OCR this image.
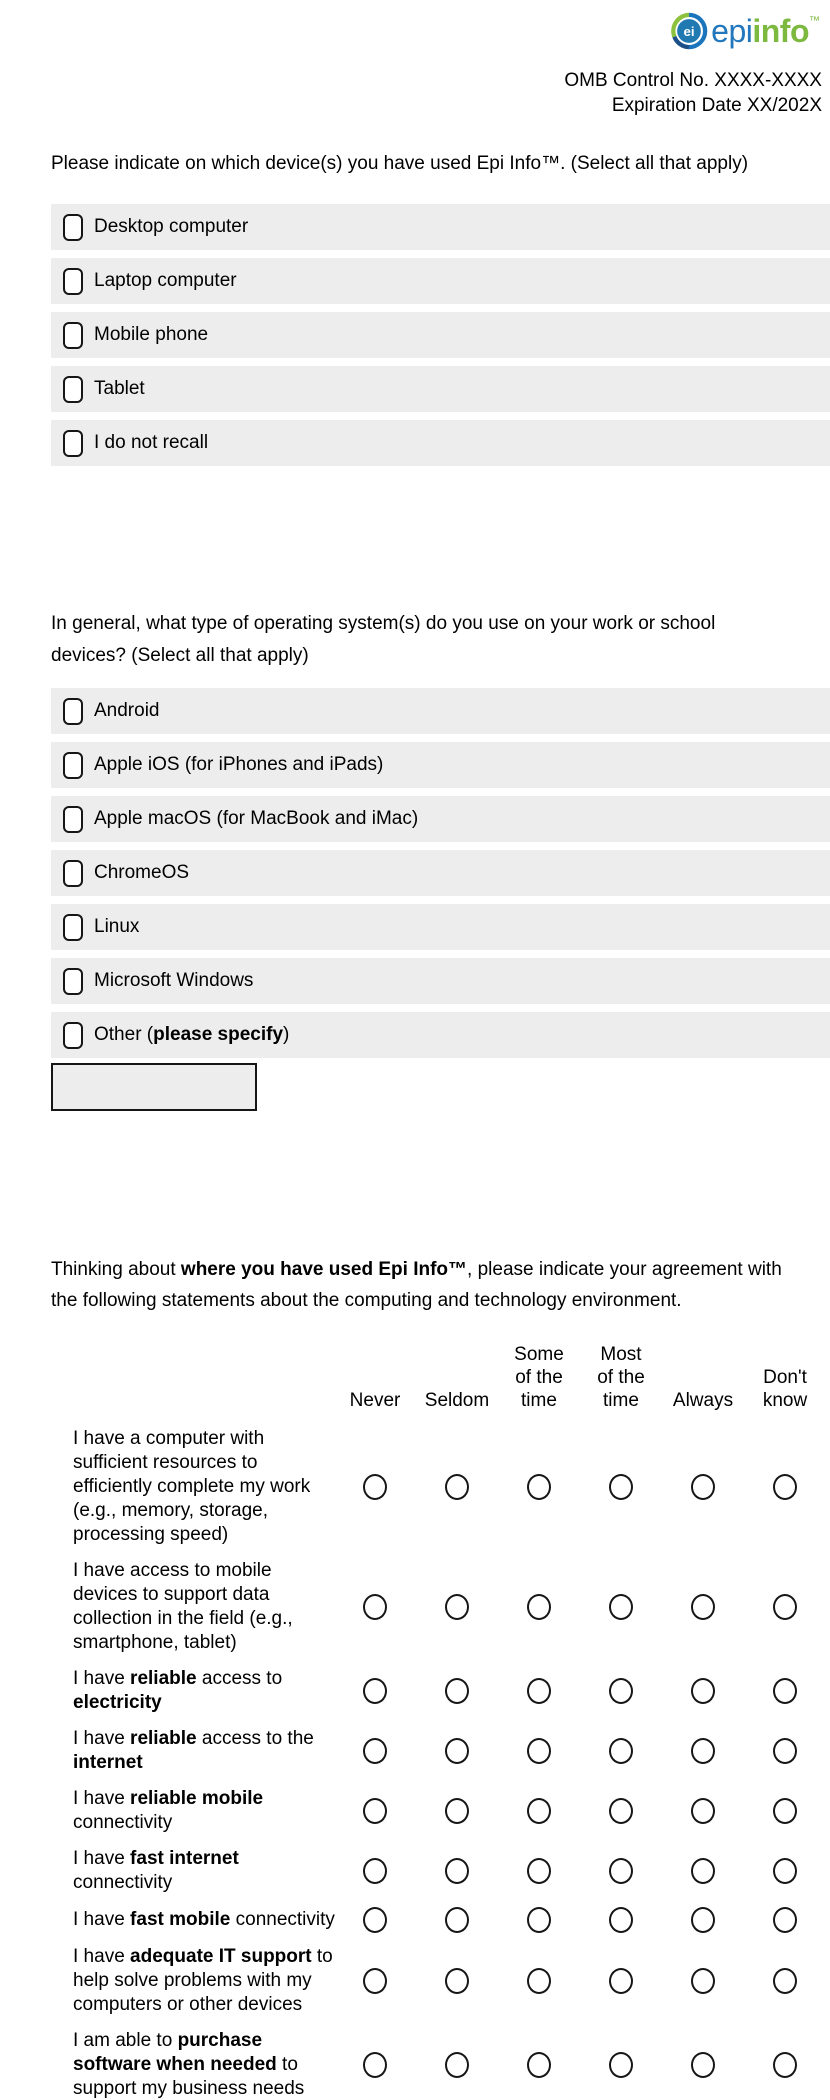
ei epi info ™
OMB Control No. XXXX-XXXX
Expiration Date XX/202X
Please indicate on which device(s) you have used Epi Info™. (Select all that apply)
Desktop computer
Laptop computer
Mobile phone
Tablet
I do not recall
In general, what type of operating system(s) do you use on your work or school
devices? (Select all that apply)
Android
Apple iOS (for iPhones and iPads)
Apple macOS (for MacBook and iMac)
ChromeOS
Linux
Microsoft Windows
Other (please specify)
Thinking about where you have used Epi Info™, please indicate your agreement with
the following statements about the computing and technology environment.
Never Seldom
Some
of the
time
Most
of the
time	Always
Don't
know
I have a computer with
sufficient resources to
efficiently complete my work
(e.g., memory, storage,
processing speed)
I have access to mobile
devices to support data
collection in the field (e.g.,
smartphone, tablet)
I have reliable access to
electricity
I have reliable access to the
internet
I have reliable mobile
connectivity
I have fast internet
connectivity
I have fast mobile connectivity
I have adequate IT support to
help solve problems with my
computers or other devices
I am able to purchase
software when needed to
support my business needs
